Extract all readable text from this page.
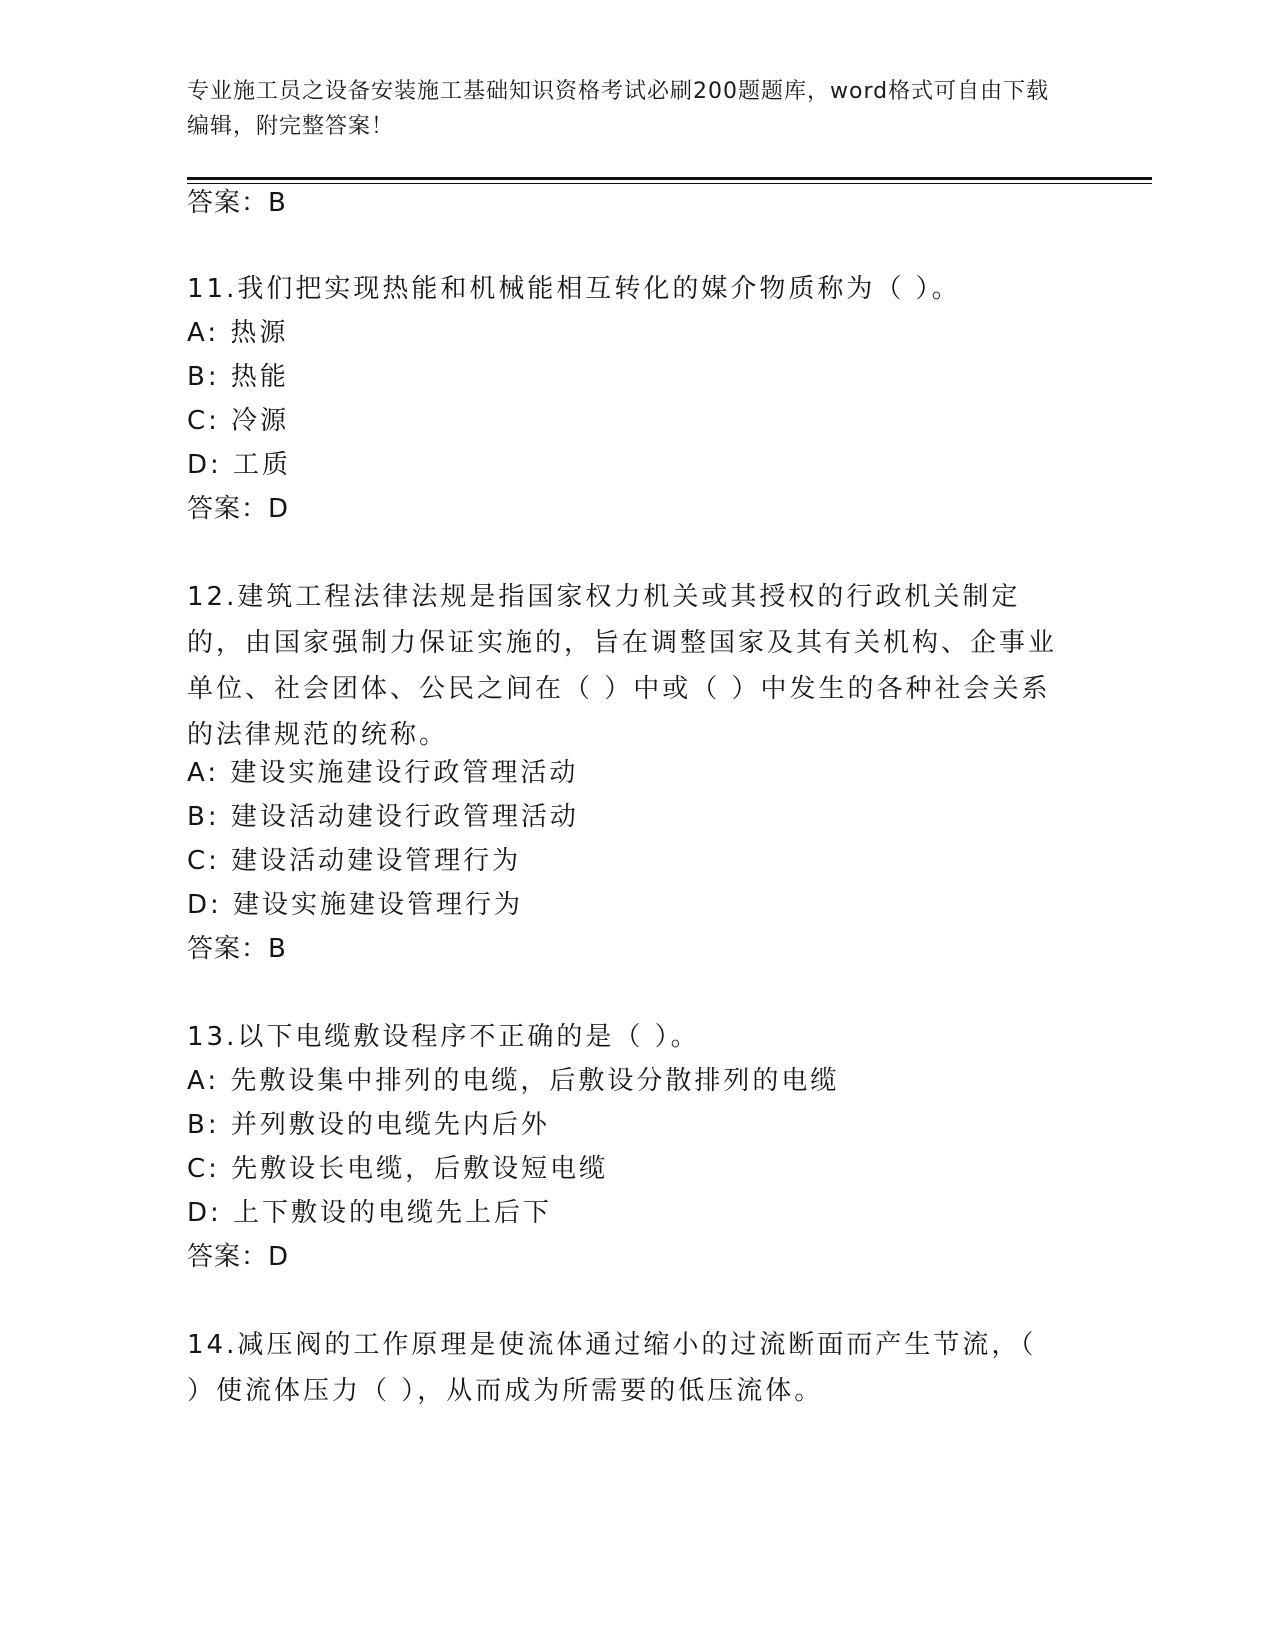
专业施工员之设备安装施工基础知识资格考试必刷200题题库，word格式可自由下载编辑，附完整答案！
答案：B
11.我们把实现热能和机械能相互转化的媒介物质称为（ ）。
A: 热源
B: 热能
C: 冷源
D: 工质
答案：D
12.建筑工程法律法规是指国家权力机关或其授权的行政机关制定的，由国家强制力保证实施的，旨在调整国家及其有关机构、企事业单位、社会团体、公民之间在（ ）中或（ ）中发生的各种社会关系的法律规范的统称。
A: 建设实施建设行政管理活动
B: 建设活动建设行政管理活动
C: 建设活动建设管理行为
D: 建设实施建设管理行为
答案：B
13.以下电缆敷设程序不正确的是（ ）。
A: 先敷设集中排列的电缆，后敷设分散排列的电缆
B: 并列敷设的电缆先内后外
C: 先敷设长电缆，后敷设短电缆
D: 上下敷设的电缆先上后下
答案：D
14.减压阀的工作原理是使流体通过缩小的过流断面而产生节流，（ ）使流体压力（ ），从而成为所需要的低压流体。
